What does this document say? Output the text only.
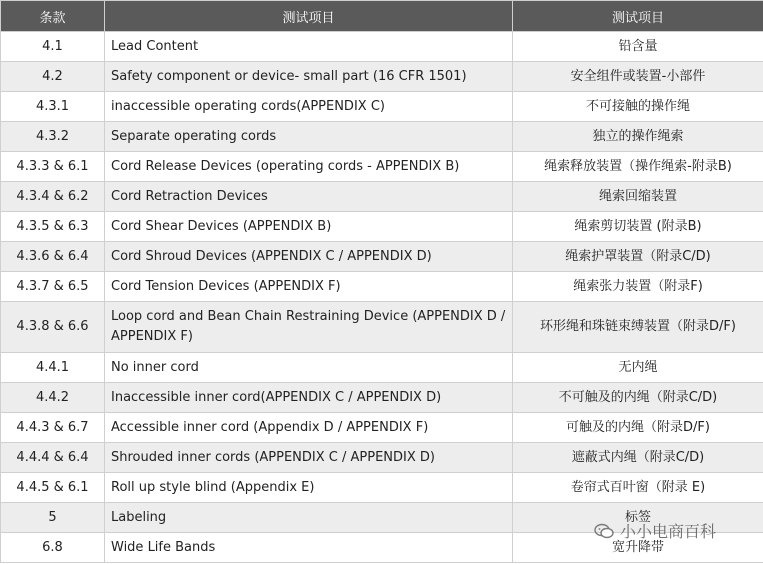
条款	测试项目	测试项目
4.1	Lead Content	铅含量
4.2	Safety component or device- small part (16 CFR 1501)	安全组件或装置-小部件
4.3.1	inaccessible operating cords(APPENDIX C)	不可接触的操作绳
4.3.2	Separate operating cords	独立的操作绳索
4.3.3 & 6.1	Cord Release Devices (operating cords - APPENDIX B)	绳索释放装置（操作绳索-附录B)
4.3.4 & 6.2	Cord Retraction Devices	绳索回缩装置
4.3.5 & 6.3	Cord Shear Devices (APPENDIX B)	绳索剪切装置 (附录B)
4.3.6 & 6.4	Cord Shroud Devices (APPENDIX C / APPENDIX D)	绳索护罩装置（附录C/D)
4.3.7 & 6.5	Cord Tension Devices (APPENDIX F)	绳索张力装置（附录F)
4.3.8 & 6.6	Loop cord and Bean Chain Restraining Device (APPENDIX D / APPENDIX F)	环形绳和珠链束缚装置（附录D/F)
4.4.1	No inner cord	无内绳
4.4.2	Inaccessible inner cord(APPENDIX C / APPENDIX D)	不可触及的内绳（附录C/D)
4.4.3 & 6.7	Accessible inner cord (Appendix D / APPENDIX F)	可触及的内绳（附录D/F)
4.4.4 & 6.4	Shrouded inner cords (APPENDIX C / APPENDIX D)	遮蔽式内绳（附录C/D)
4.4.5 & 6.1	Roll up style blind (Appendix E)	卷帘式百叶窗（附录 E)
5	Labeling	标签
6.8	Wide Life Bands	宽升降带
小小电商百科
